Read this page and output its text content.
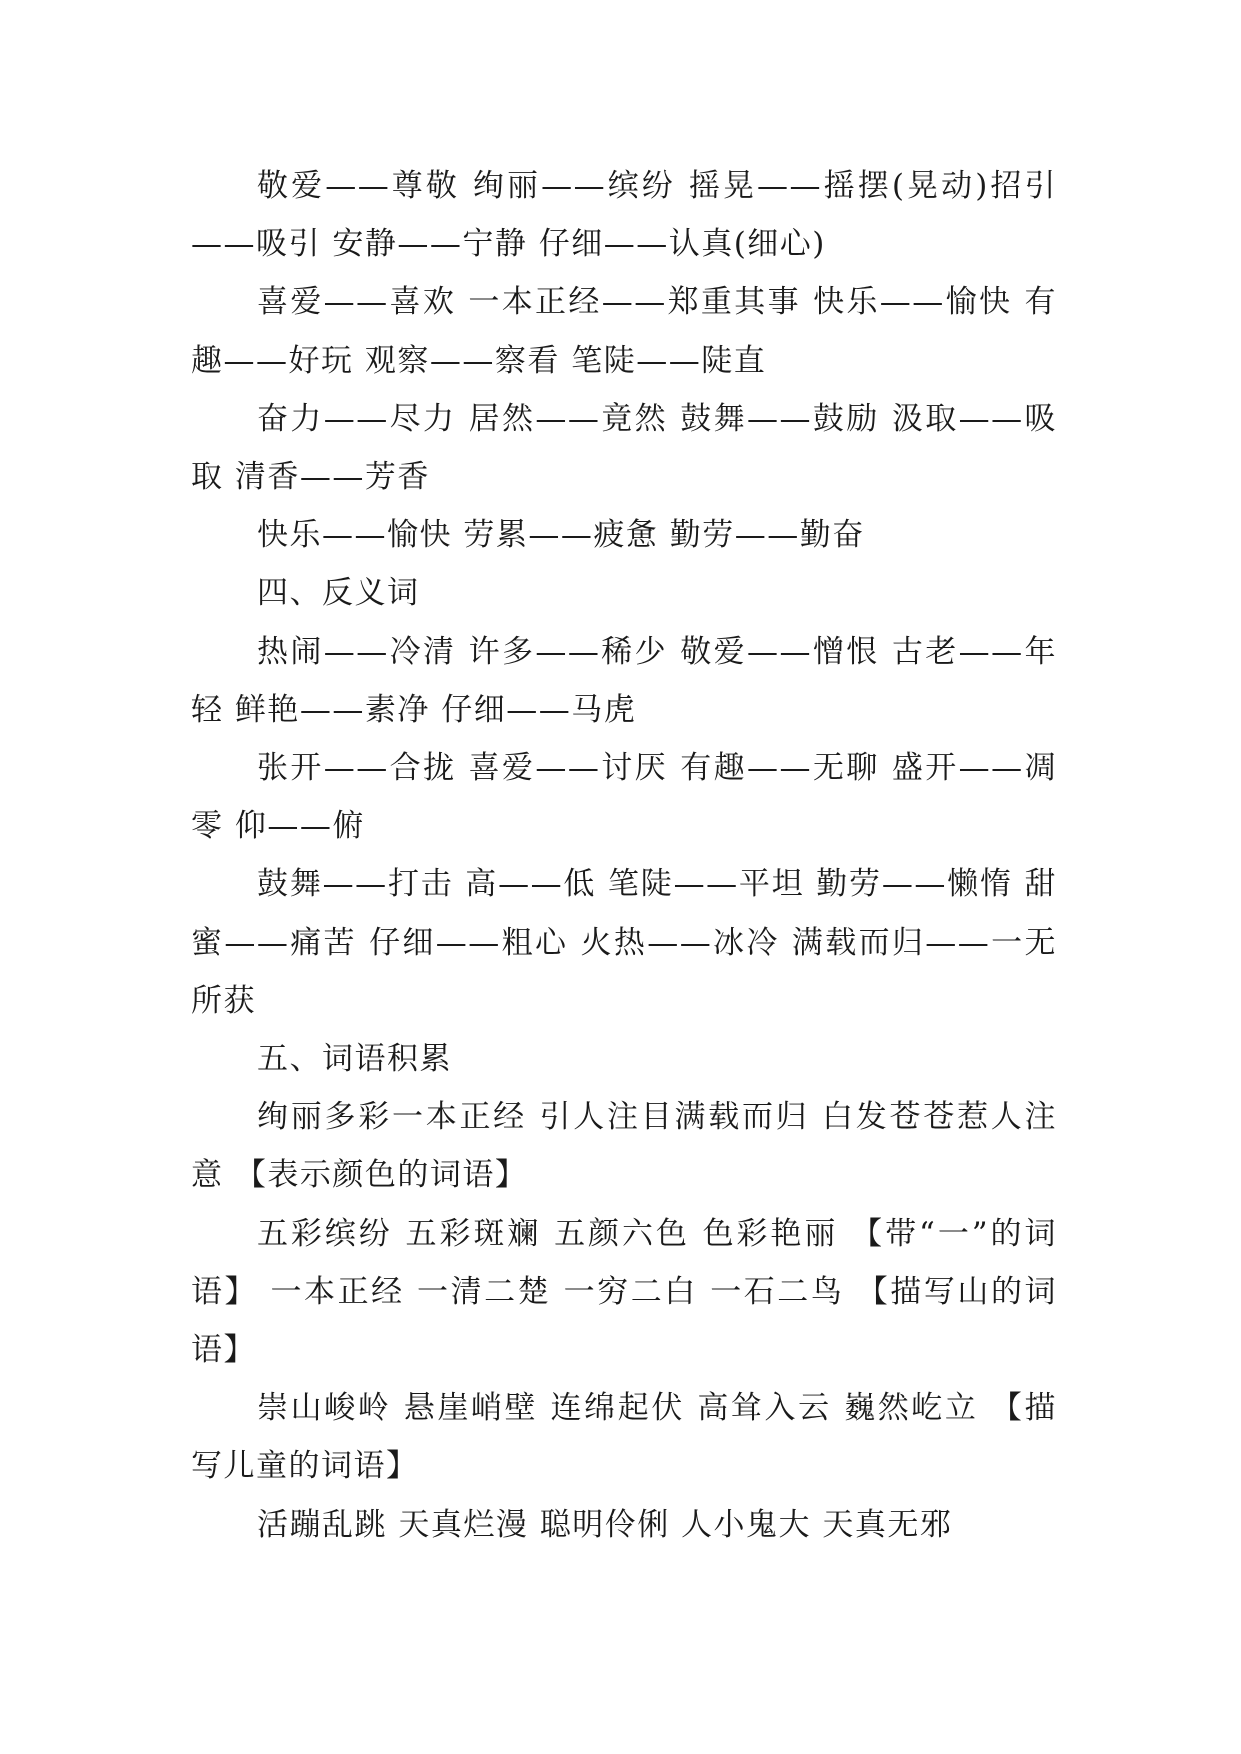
敬爱——尊敬 绚丽——缤纷 摇晃——摇摆(晃动)招引——吸引 安静——宁静 仔细——认真(细心)

喜爱——喜欢 一本正经——郑重其事 快乐——愉快 有趣——好玩 观察——察看 笔陡——陡直

奋力——尽力 居然——竟然 鼓舞——鼓励 汲取——吸取 清香——芳香

快乐——愉快 劳累——疲惫 勤劳——勤奋

四、反义词

热闹——冷清 许多——稀少 敬爱——憎恨 古老——年轻 鲜艳——素净 仔细——马虎

张开——合拢 喜爱——讨厌 有趣——无聊 盛开——凋零 仰——俯

鼓舞——打击 高——低 笔陡——平坦 勤劳——懒惰 甜蜜——痛苦 仔细——粗心 火热——冰冷 满载而归——一无所获

五、词语积累

绚丽多彩一本正经 引人注目满载而归 白发苍苍惹人注意 【表示颜色的词语】

五彩缤纷 五彩斑斓 五颜六色 色彩艳丽 【带“一”的词语】 一本正经 一清二楚 一穷二白 一石二鸟 【描写山的词语】

崇山峻岭 悬崖峭壁 连绵起伏 高耸入云 巍然屹立 【描写儿童的词语】

活蹦乱跳 天真烂漫 聪明伶俐 人小鬼大 天真无邪
